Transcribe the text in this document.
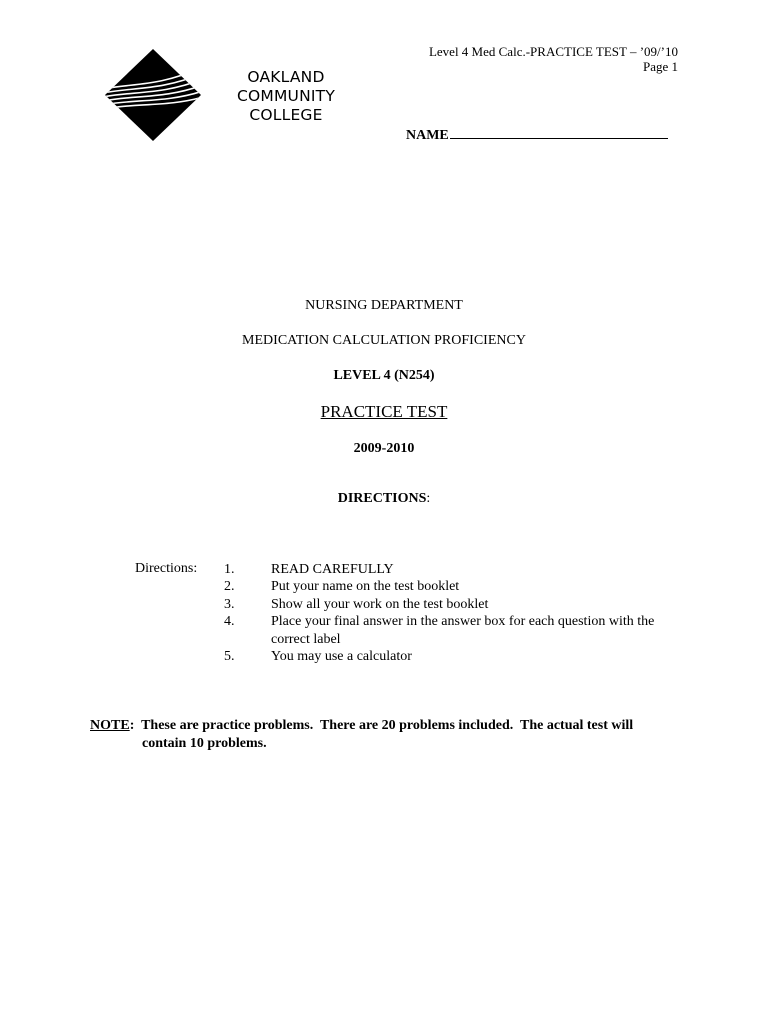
Level 4 Med Calc.-PRACTICE TEST – ’09/’10
Page 1
OAKLAND
COMMUNITY
COLLEGE
NAME
NURSING DEPARTMENT
MEDICATION CALCULATION PROFICIENCY
LEVEL 4 (N254)
PRACTICE TEST
2009-2010
DIRECTIONS:
Directions: 1.	READ CAREFULLY
2.	Put your name on the test booklet
3.	Show all your work on the test booklet
4.	Place your final answer in the answer box for each question with the correct label
5.	You may use a calculator
NOTE:  These are practice problems.  There are 20 problems included.  The actual test will
contain 10 problems.
